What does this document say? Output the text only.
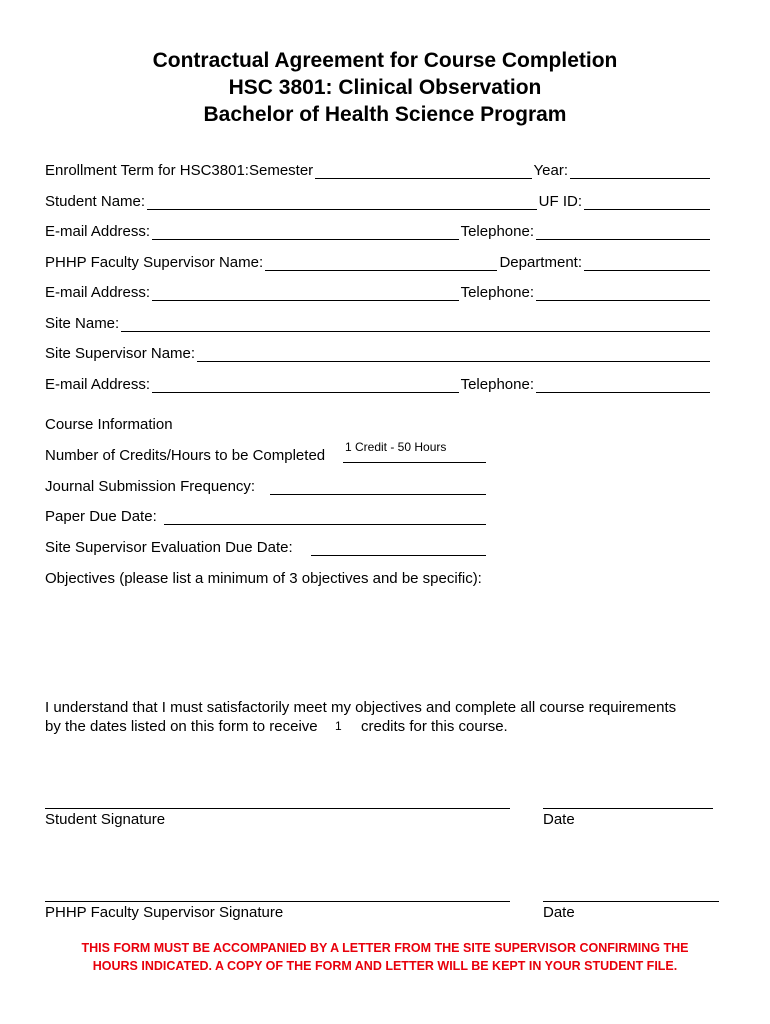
Contractual Agreement for Course Completion
HSC 3801: Clinical Observation
Bachelor of Health Science Program
Enrollment Term for HSC3801:Semester	Year:
Student Name:	UF ID:
E-mail Address:	Telephone:
PHHP Faculty Supervisor Name:	Department:
E-mail Address:	Telephone:
Site Name:
Site Supervisor Name:
E-mail Address:	Telephone:
Course Information
Number of Credits/Hours to be Completed 1 Credit - 50 Hours
Journal Submission Frequency:
Paper Due Date:
Site Supervisor Evaluation Due Date:
Objectives (please list a minimum of 3 objectives and be specific):
I understand that I must satisfactorily meet my objectives and complete all course requirements
by the dates listed on this form to receive 1 credits for this course.
Student Signature	Date
PHHP Faculty Supervisor Signature	Date
THIS FORM MUST BE ACCOMPANIED BY A LETTER FROM THE SITE SUPERVISOR CONFIRMING THE
HOURS INDICATED. A COPY OF THE FORM AND LETTER WILL BE KEPT IN YOUR STUDENT FILE.
